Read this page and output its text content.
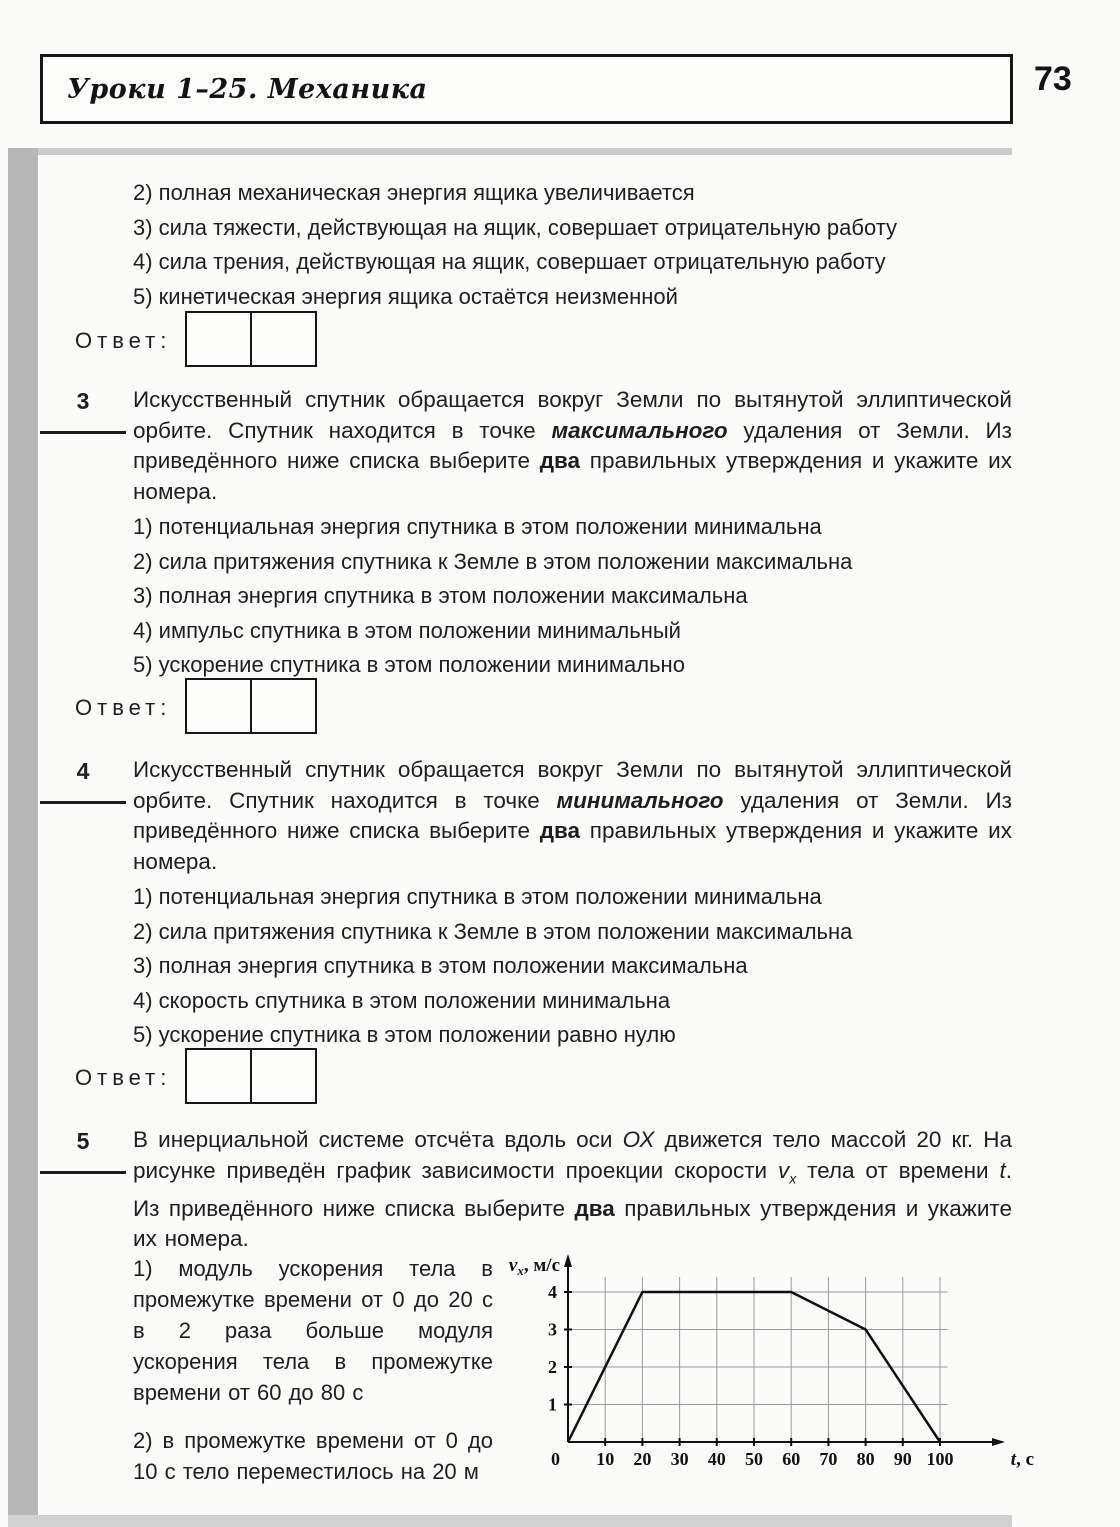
Уроки 1–25. Механика	73
2) полная механическая энергия ящика увеличивается
3) сила тяжести, действующая на ящик, совершает отрицательную работу
4) сила трения, действующая на ящик, совершает отрицательную работу
5) кинетическая энергия ящика остаётся неизменной
Ответ:
3	Искусственный спутник обращается вокруг Земли по вытянутой эллиптической орбите. Спутник находится в точке максимального удаления от Земли. Из приведённого ниже списка выберите два правильных утверждения и укажите их номера.
1) потенциальная энергия спутника в этом положении минимальна
2) сила притяжения спутника к Земле в этом положении максимальна
3) полная энергия спутника в этом положении максимальна
4) импульс спутника в этом положении минимальный
5) ускорение спутника в этом положении минимально
Ответ:
4	Искусственный спутник обращается вокруг Земли по вытянутой эллиптической орбите. Спутник находится в точке минимального удаления от Земли. Из приведённого ниже списка выберите два правильных утверждения и укажите их номера.
1) потенциальная энергия спутника в этом положении минимальна
2) сила притяжения спутника к Земле в этом положении максимальна
3) полная энергия спутника в этом положении максимальна
4) скорость спутника в этом положении минимальна
5) ускорение спутника в этом положении равно нулю
Ответ:
5	В инерциальной системе отсчёта вдоль оси ОХ движется тело массой 20 кг. На рисунке приведён график зависимости проекции скорости $v_x$ тела от времени t. Из приведённого ниже списка выберите два правильных утверждения и укажите их номера.

1) модуль ускорения тела в промежутке времени от 0 до 20 с в 2 раза больше модуля ускорения тела в промежутке времени от 60 до 80 с

2) в промежутке времени от 0 до 10 с тело переместилось на 20 м	0 10 20 30 40 50 60 70 80 90 100
1
2
3
4
$v_x$, м/с
t, с
